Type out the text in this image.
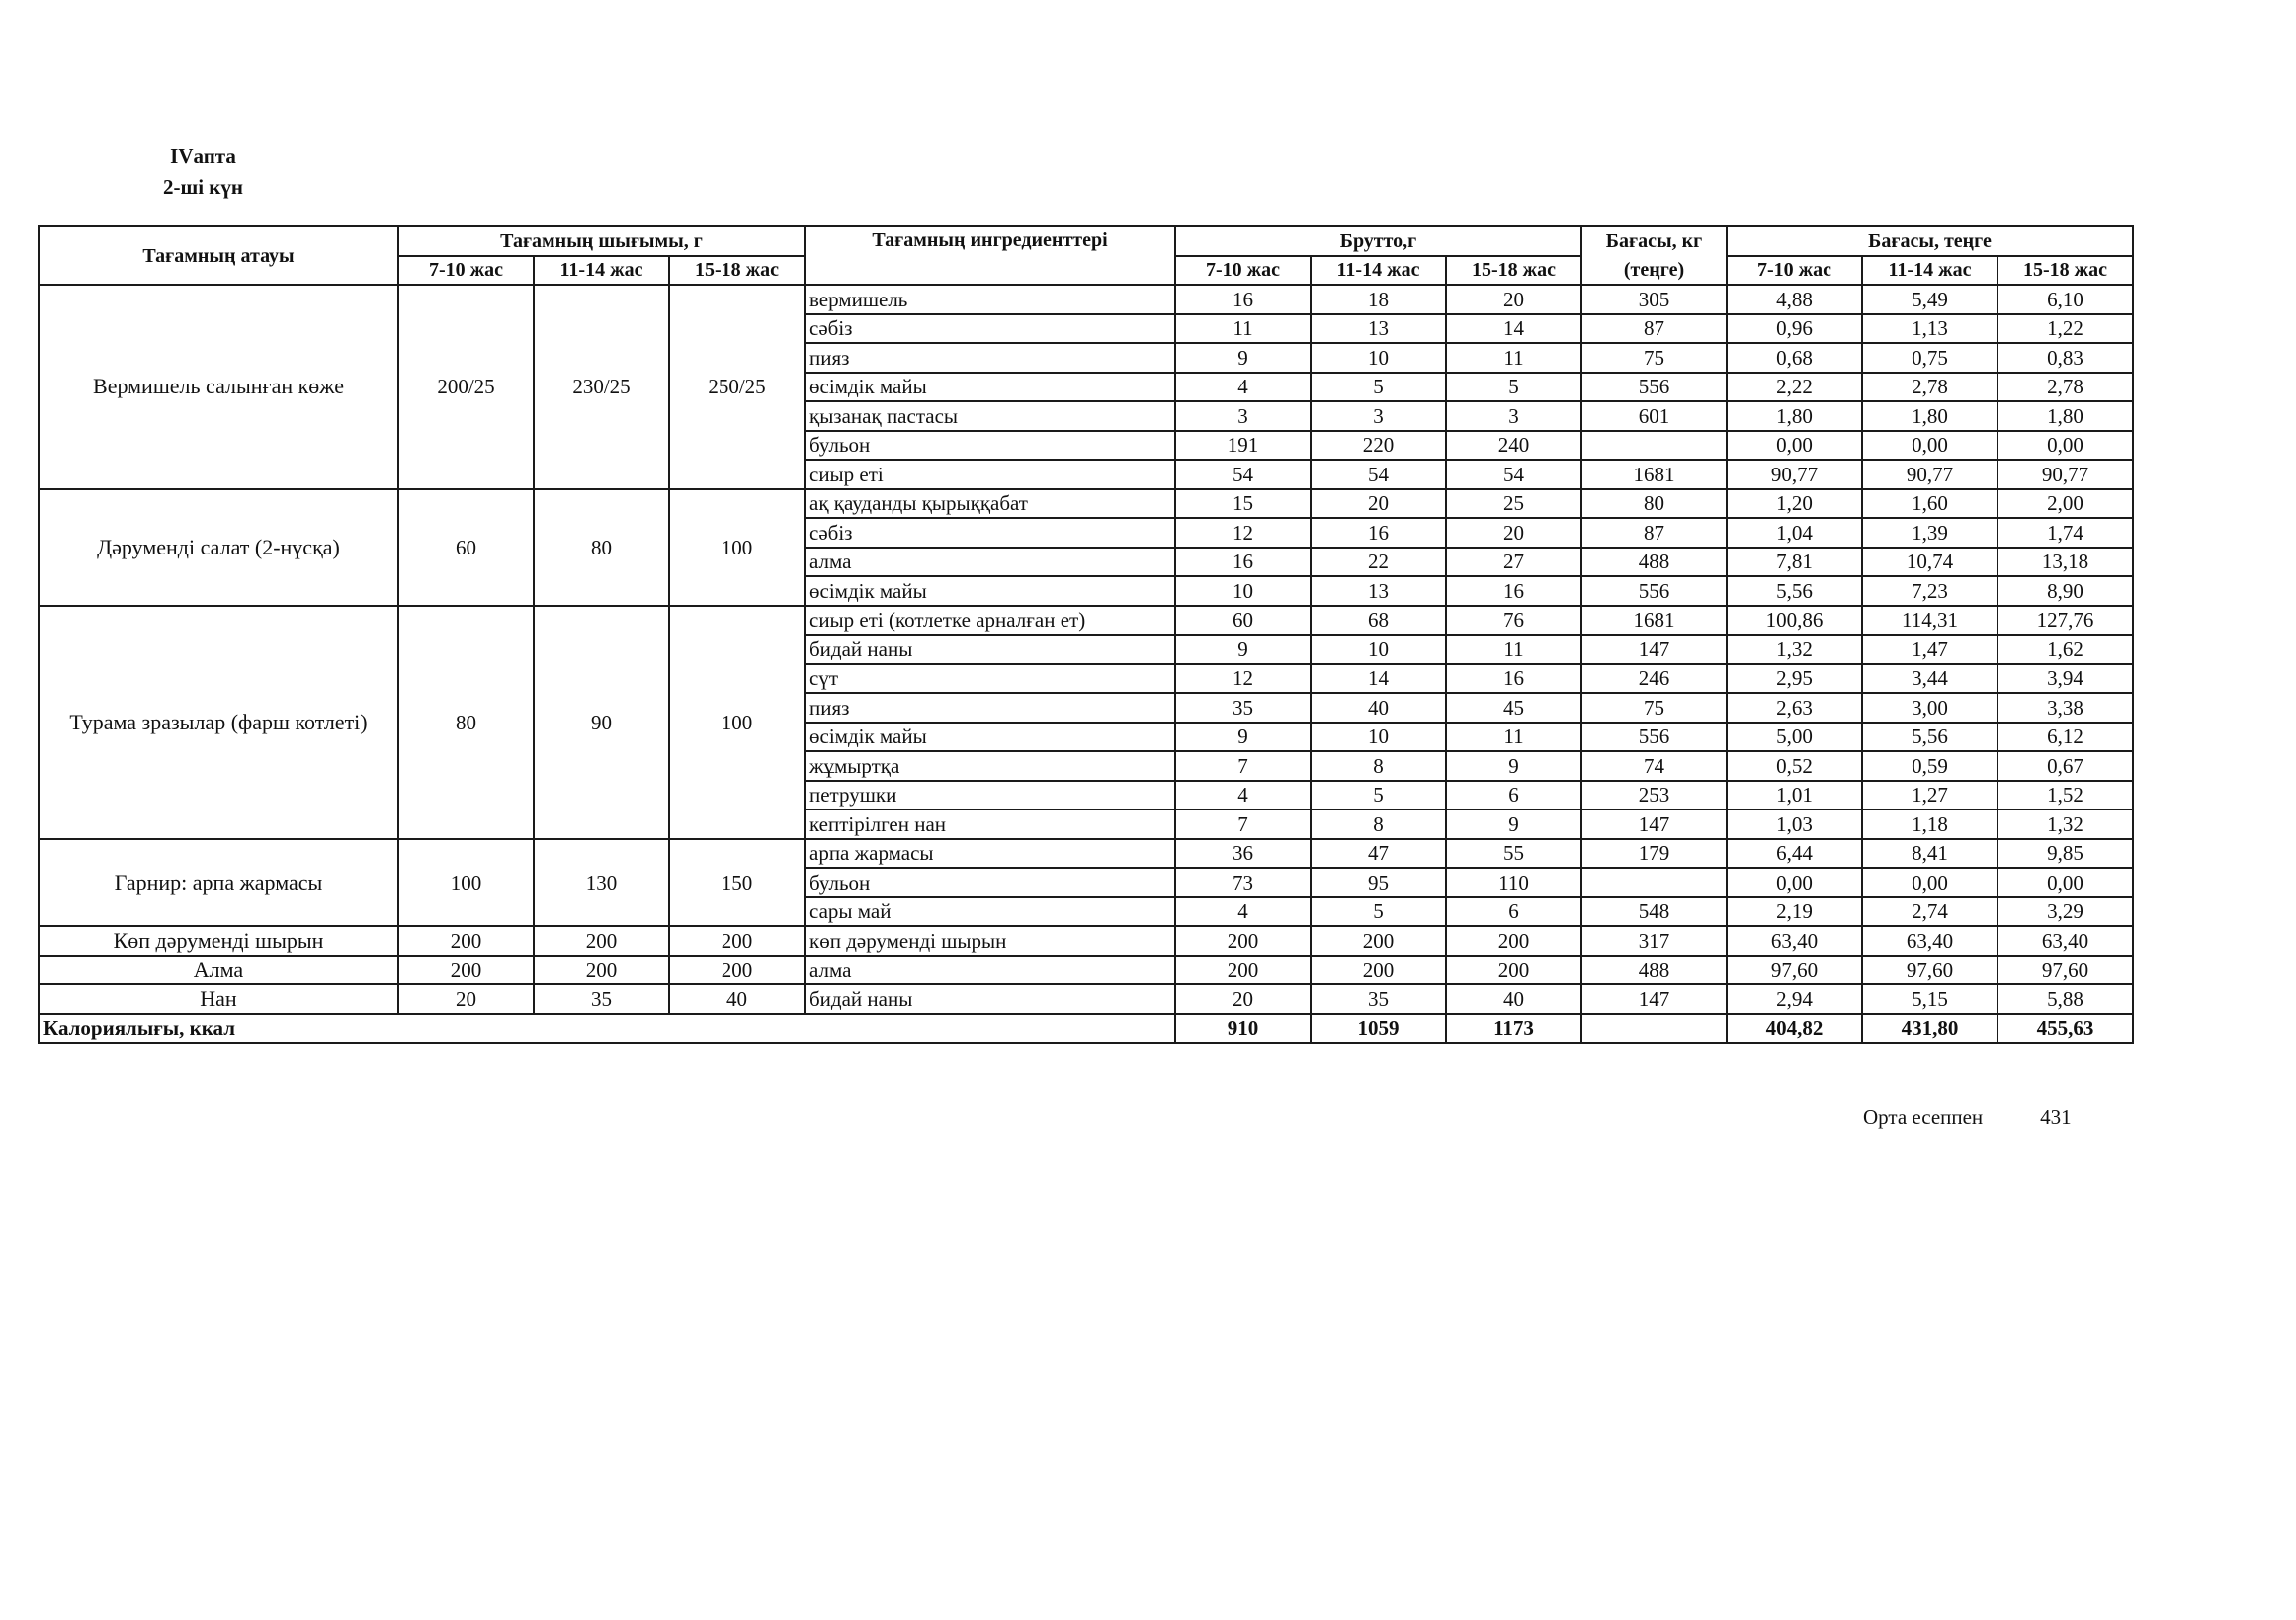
IVапта
2-ші күн
Тағамның атауы	Тағамның шығымы, г			Тағамның ингредиенттері	Брутто,г			Бағасы, кг	Бағасы, теңге		
	7-10 жас	11-14 жас	15-18 жас		7-10 жас	11-14 жас	15-18 жас	(теңге)	7-10 жас	11-14 жас	15-18 жас
Вермишель салынған көже	200/25	230/25	250/25	вермишель	16	18	20	305	4,88	5,49	6,10
				сәбіз	11	13	14	87	0,96	1,13	1,22
				пияз	9	10	11	75	0,68	0,75	0,83
				өсімдік майы	4	5	5	556	2,22	2,78	2,78
				қызанақ пастасы	3	3	3	601	1,80	1,80	1,80
				бульон	191	220	240		0,00	0,00	0,00
				сиыр еті	54	54	54	1681	90,77	90,77	90,77
Дәрумендi салат (2-нұсқа)	60	80	100	ақ қауданды қырыққабат	15	20	25	80	1,20	1,60	2,00
				сәбіз	12	16	20	87	1,04	1,39	1,74
				алма	16	22	27	488	7,81	10,74	13,18
				өсімдік майы	10	13	16	556	5,56	7,23	8,90
Турама зразылар (фарш котлеті)	80	90	100	сиыр еті (котлетке арналған ет)	60	68	76	1681	100,86	114,31	127,76
				бидай наны	9	10	11	147	1,32	1,47	1,62
				сүт	12	14	16	246	2,95	3,44	3,94
				пияз	35	40	45	75	2,63	3,00	3,38
				өсімдік майы	9	10	11	556	5,00	5,56	6,12
				жұмыртқа	7	8	9	74	0,52	0,59	0,67
				петрушки	4	5	6	253	1,01	1,27	1,52
				кептірілген нан	7	8	9	147	1,03	1,18	1,32
Гарнир: арпа жармасы	100	130	150	арпа жармасы	36	47	55	179	6,44	8,41	9,85
				бульон	73	95	110		0,00	0,00	0,00
				сары май	4	5	6	548	2,19	2,74	3,29
Көп дәрумендi шырын	200	200	200	көп дәрумендi шырын	200	200	200	317	63,40	63,40	63,40
Алма	200	200	200	алма	200	200	200	488	97,60	97,60	97,60
Нан	20	35	40	бидай наны	20	35	40	147	2,94	5,15	5,88
Калориялығы, ккал					910	1059	1173		404,82	431,80	455,63
Орта есеппен	431
